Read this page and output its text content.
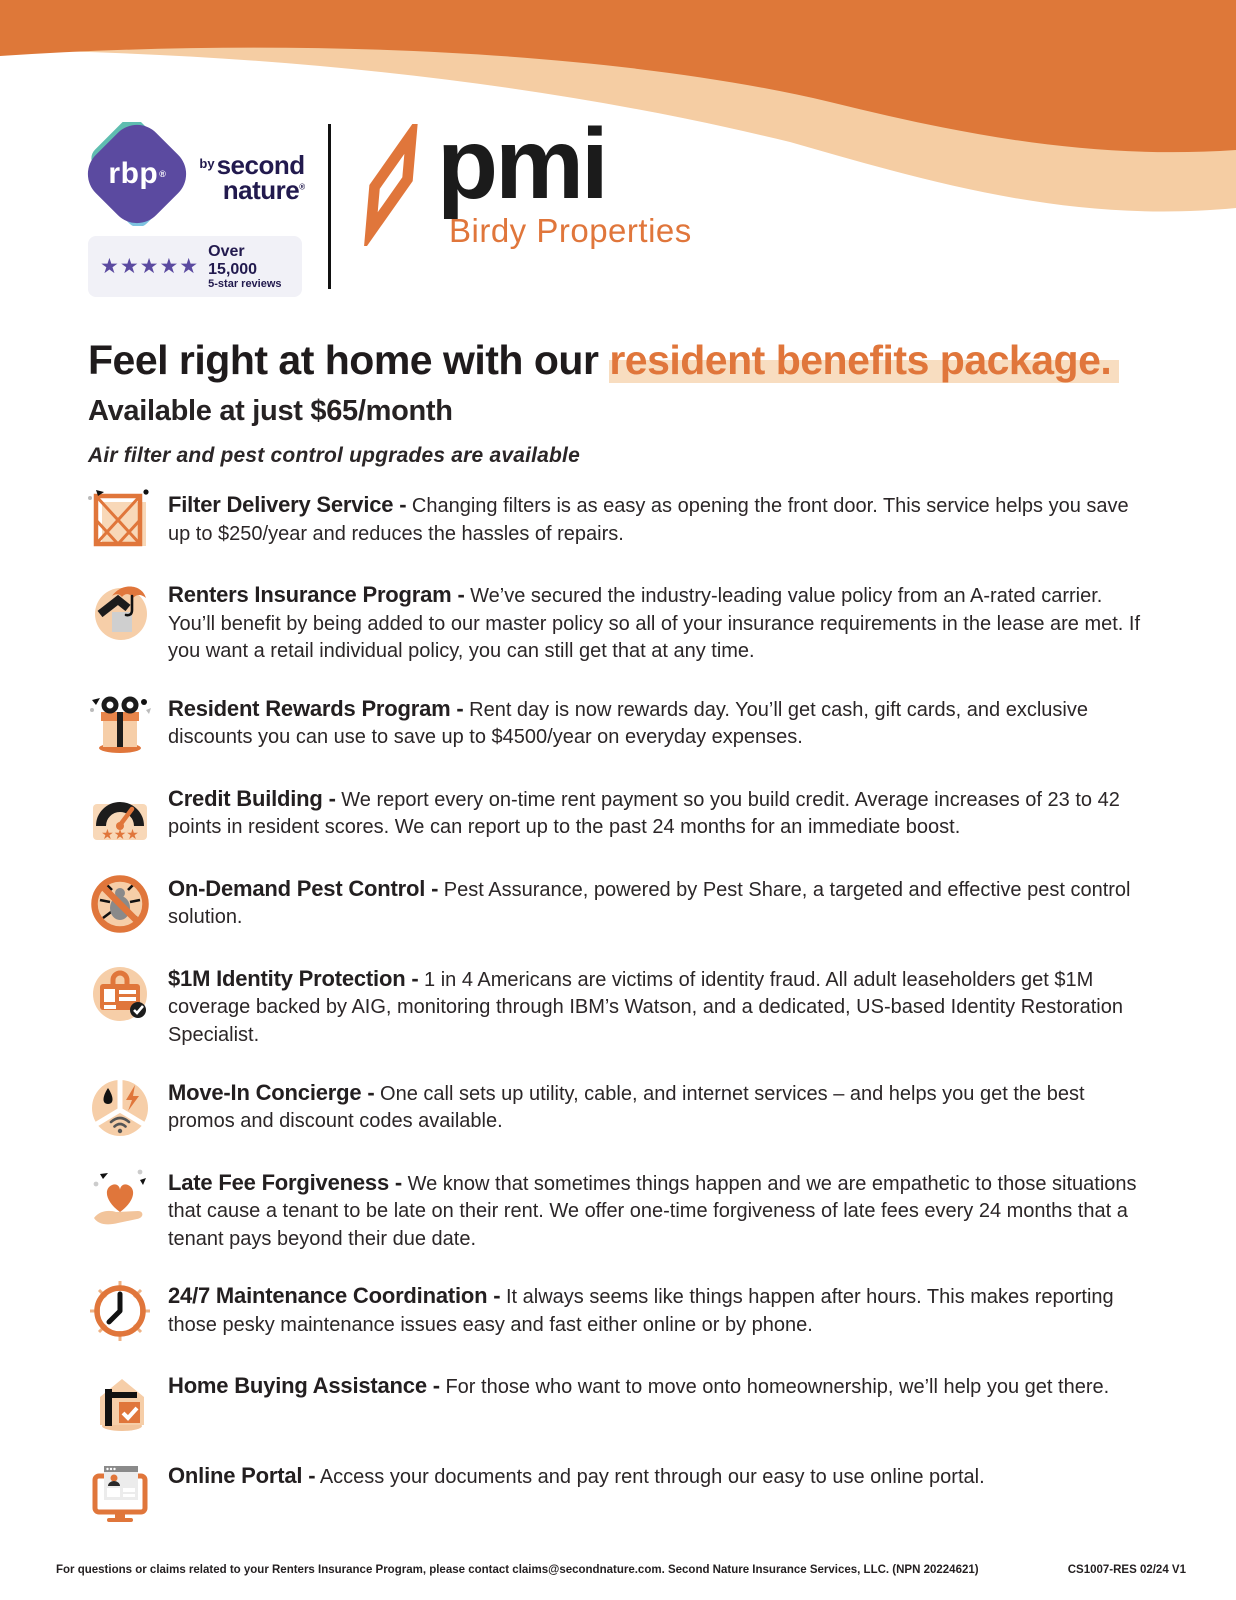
rbp ®
by second
nature®
★★★★★
Over 15,000
5-star reviews
pmi
Birdy Properties
Feel right at home with our resident benefits package.
Available at just $65/month
Air filter and pest control upgrades are available

Filter Delivery Service - Changing filters is as easy as opening the front door. This service helps you save up to $250/year and reduces the hassles of repairs.

Renters Insurance Program - We’ve secured the industry-leading value policy from an A-rated carrier. You’ll benefit by being added to our master policy so all of your insurance requirements in the lease are met. If you want a retail individual policy, you can still get that at any time.

Resident Rewards Program - Rent day is now rewards day. You’ll get cash, gift cards, and exclusive discounts you can use to save up to $4500/year on everyday expenses.

★★★

Credit Building - We report every on-time rent payment so you build credit. Average increases of 23 to 42 points in resident scores. We can report up to the past 24 months for an immediate boost.

On-Demand Pest Control - Pest Assurance, powered by Pest Share, a targeted and effective pest control solution.

$1M Identity Protection - 1 in 4 Americans are victims of identity fraud. All adult leaseholders get $1M coverage backed by AIG, monitoring through IBM’s Watson, and a dedicated, US-based Identity Restoration Specialist.

Move-In Concierge - One call sets up utility, cable, and internet services – and helps you get the best promos and discount codes available.

Late Fee Forgiveness - We know that sometimes things happen and we are empathetic to those situations that cause a tenant to be late on their rent. We offer one-time forgiveness of late fees every 24 months that a tenant pays beyond their due date.

24/7 Maintenance Coordination - It always seems like things happen after hours. This makes reporting those pesky maintenance issues easy and fast either online or by phone.

Home Buying Assistance - For those who want to move onto homeownership, we’ll help you get there.

Online Portal - Access your documents and pay rent through our easy to use online portal.

For questions or claims related to your Renters Insurance Program, please contact claims@secondnature.com. Second Nature Insurance Services, LLC. (NPN 20224621)	CS1007-RES 02/24 V1
